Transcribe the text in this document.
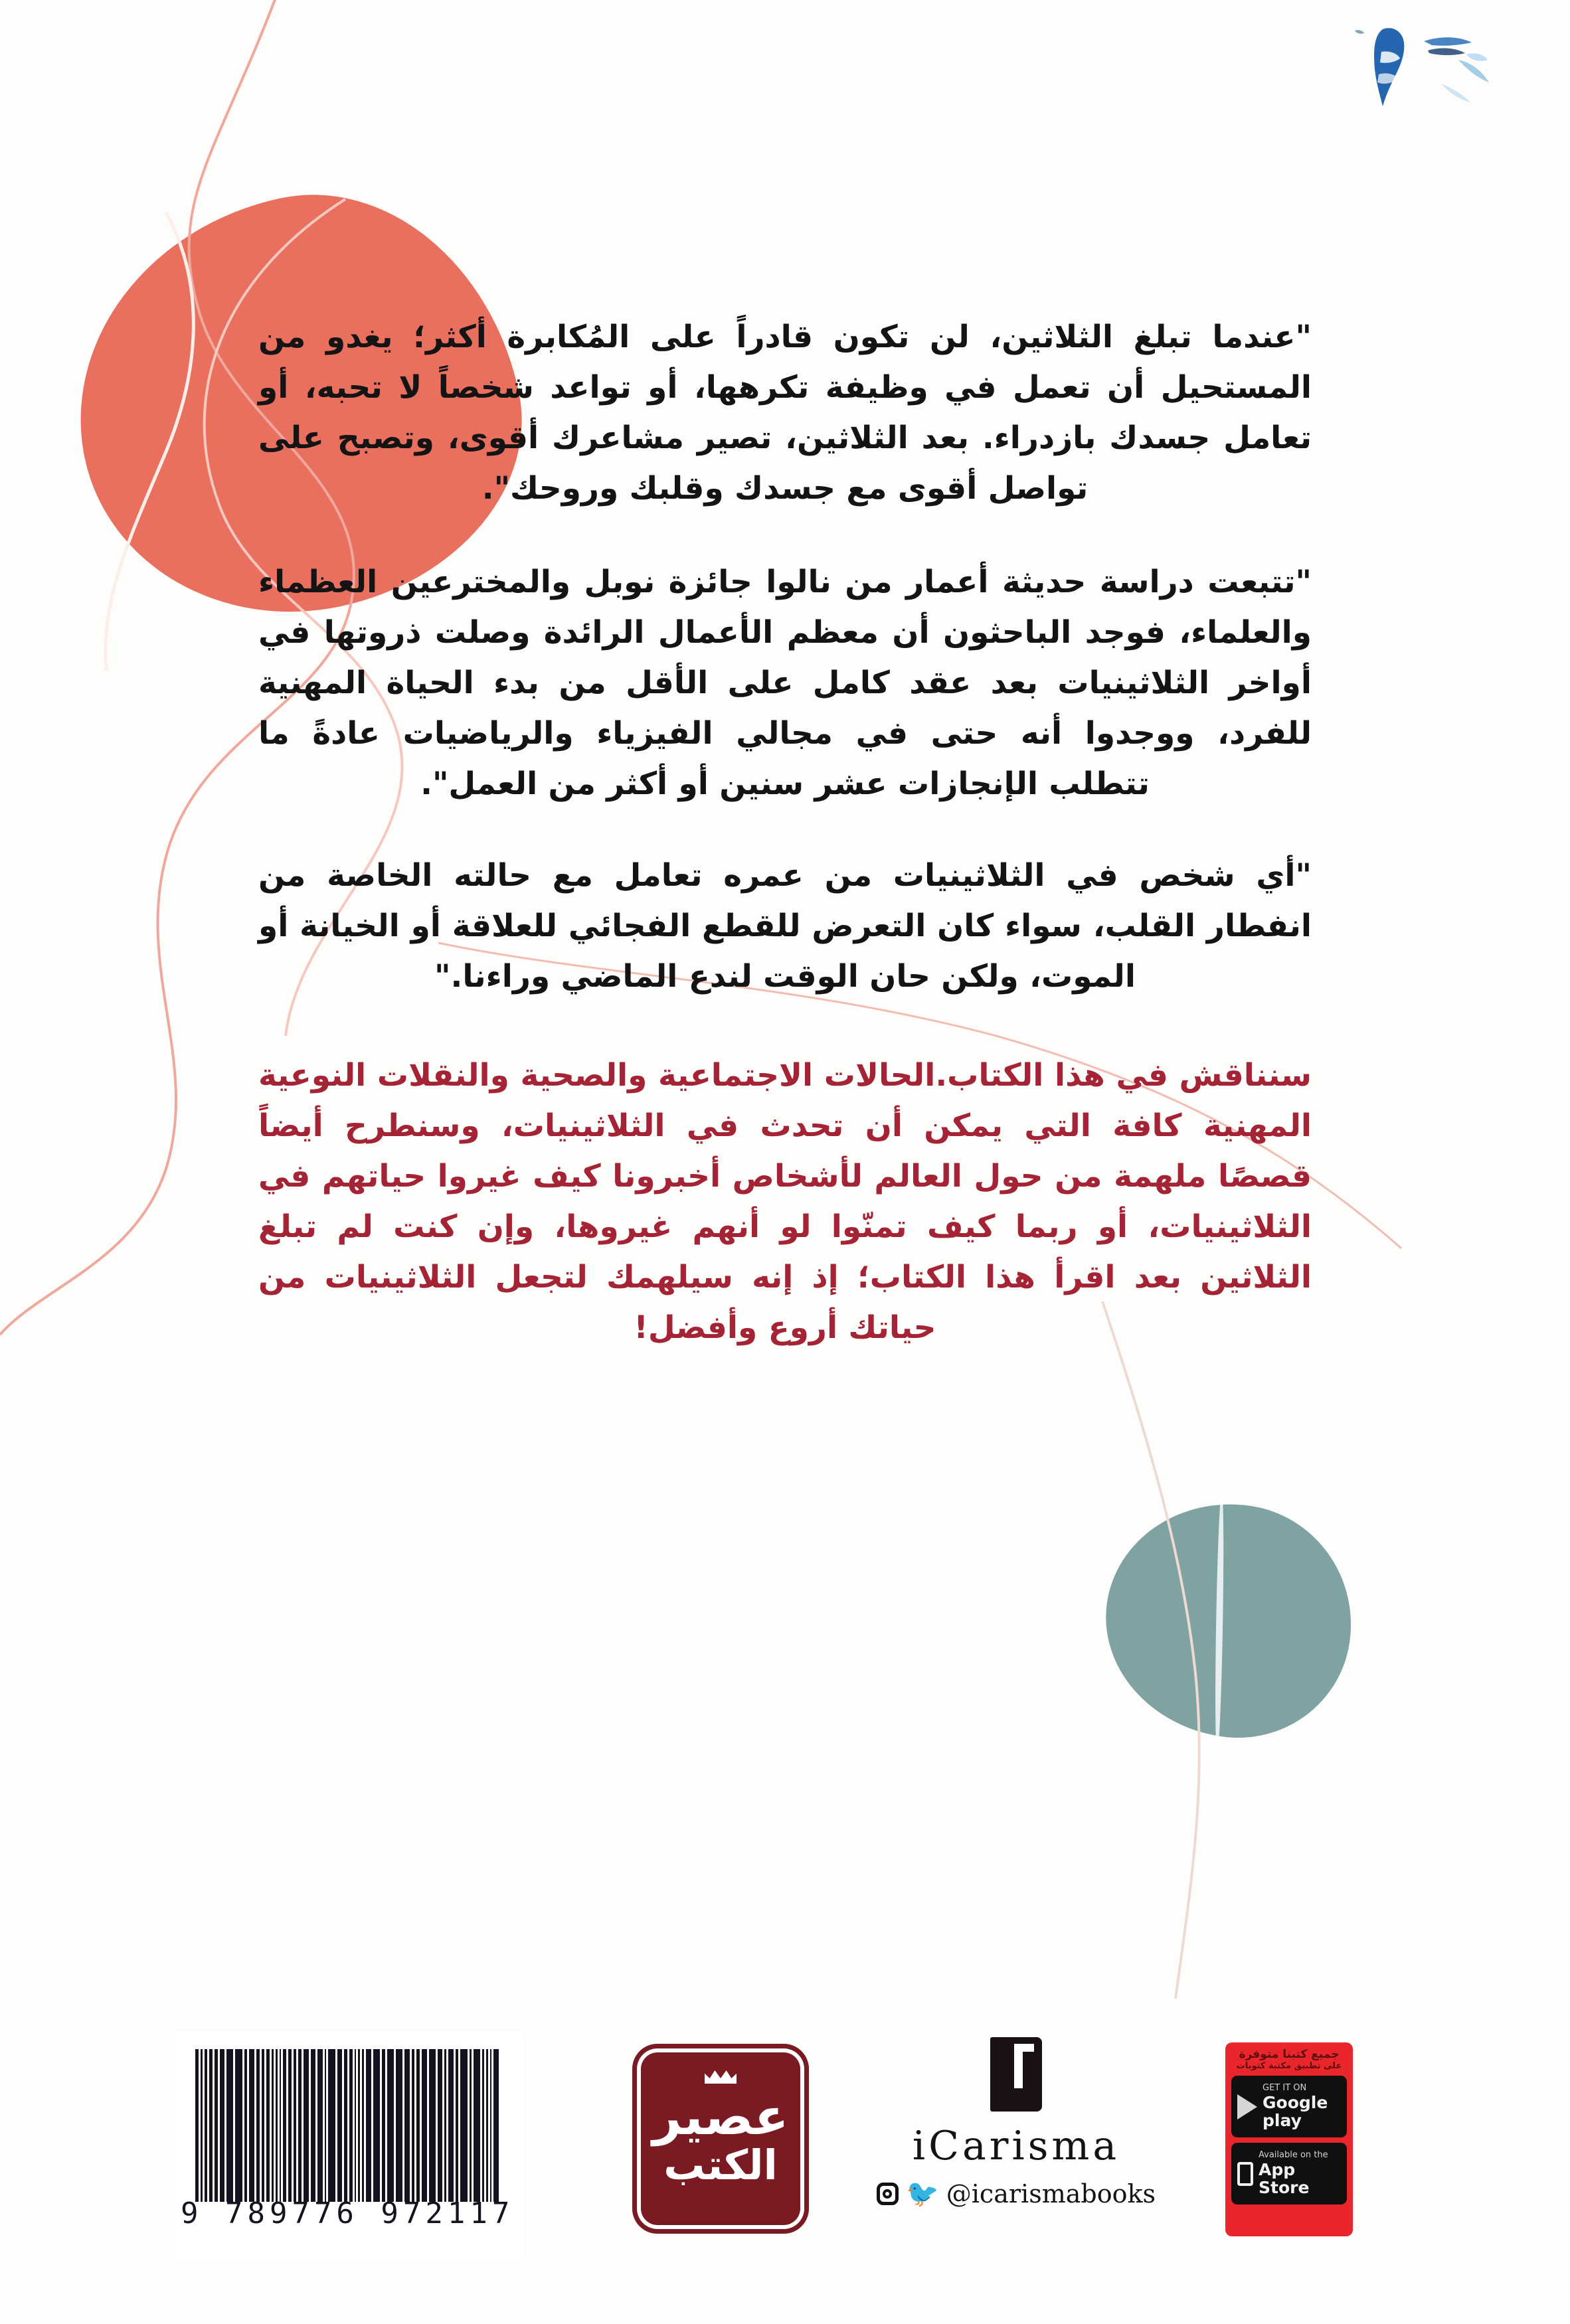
"عندما تبلغ الثلاثين، لن تكون قادراً على المُكابرة أكثر؛ يغدو من المستحيل أن تعمل في وظيفة تكرهها، أو تواعد شخصاً لا تحبه، أو تعامل جسدك بازدراء. بعد الثلاثين، تصير مشاعرك أقوى، وتصبح على تواصل أقوى مع جسدك وقلبك وروحك".

"تتبعت دراسة حديثة أعمار من نالوا جائزة نوبل والمخترعين العظماء والعلماء، فوجد الباحثون أن معظم الأعمال الرائدة وصلت ذروتها في أواخر الثلاثينيات بعد عقد كامل على الأقل من بدء الحياة المهنية للفرد، ووجدوا أنه حتى في مجالي الفيزياء والرياضيات عادةً ما تتطلب الإنجازات عشر سنين أو أكثر من العمل".

"أي شخص في الثلاثينيات من عمره تعامل مع حالته الخاصة من انفطار القلب، سواء كان التعرض للقطع الفجائي للعلاقة أو الخيانة أو الموت، ولكن حان الوقت لندع الماضي وراءنا."

سنناقش في هذا الكتاب.الحالات الاجتماعية والصحية والنقلات النوعية المهنية كافة التي يمكن أن تحدث في الثلاثينيات، وسنطرح أيضاً قصصًا ملهمة من حول العالم لأشخاص أخبرونا كيف غيروا حياتهم في الثلاثينيات، أو ربما كيف تمنّوا لو أنهم غيروها، وإن كنت لم تبلغ الثلاثين بعد اقرأ هذا الكتاب؛ إذ إنه سيلهمك لتجعل الثلاثينيات من حياتك أروع وأفضل!

9 789776 972117
عصير
الكتب	iCarisma
🐦 @icarismabooks
جميع كتبنا متوفرة
على تطبيق مكتبة كتوبات
GET IT ON
Google play
Available on the
App Store
